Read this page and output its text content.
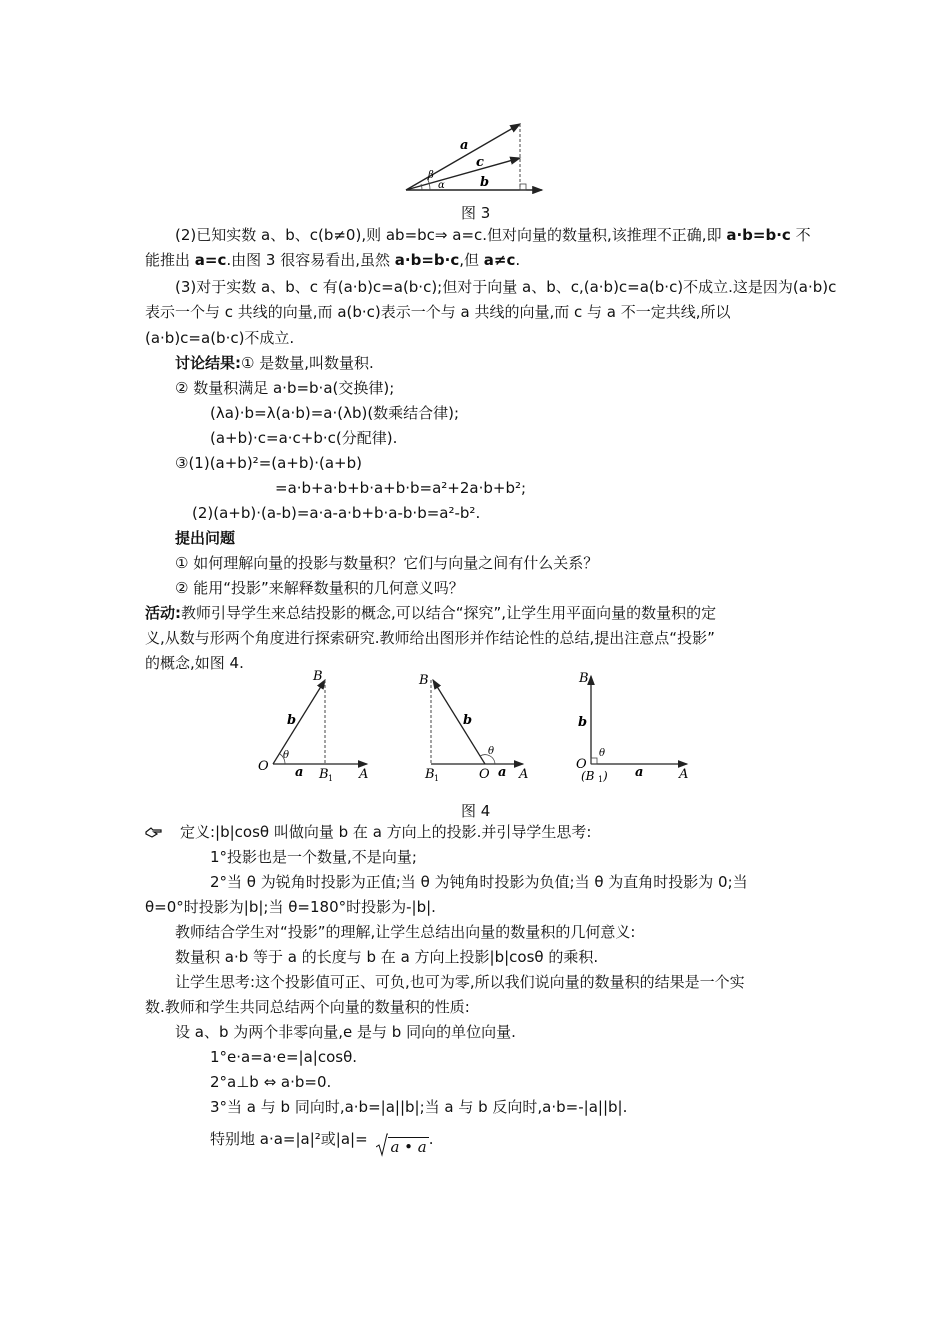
a
c
b
β
α
图 3
(2)已知实数 a、b、c(b≠0),则 ab=bc⇒ a=c.但对向量的数量积,该推理不正确,即 a·b=b·c 不
能推出 a=c.由图 3 很容易看出,虽然 a·b=b·c,但 a≠c.
(3)对于实数 a、b、c 有(a·b)c=a(b·c);但对于向量 a、b、c,(a·b)c=a(b·c)不成立.这是因为(a·b)c
表示一个与 c 共线的向量,而 a(b·c)表示一个与 a 共线的向量,而 c 与 a 不一定共线,所以
(a·b)c=a(b·c)不成立.
讨论结果:① 是数量,叫数量积.
② 数量积满足 a·b=b·a(交换律);
(λa)·b=λ(a·b)=a·(λb)(数乘结合律);
(a+b)·c=a·c+b·c(分配律).
③(1)(a+b)²=(a+b)·(a+b)
=a·b+a·b+b·a+b·b=a²+2a·b+b²;
(2)(a+b)·(a-b)=a·a-a·b+b·a-b·b=a²-b².
提出问题
① 如何理解向量的投影与数量积？它们与向量之间有什么关系？
② 能用“投影”来解释数量积的几何意义吗？
活动:教师引导学生来总结投影的概念,可以结合“探究”,让学生用平面向量的数量积的定
义,从数与形两个角度进行探索研究.教师给出图形并作结论性的总结,提出注意点“投影”
的概念,如图 4.
B
b
O
θ
a B 1 A
B
b
θ
B 1	O a A
B
b
θ
O
(B 1 ) a	A
图 4
定义:|b|cosθ 叫做向量 b 在 a 方向上的投影.并引导学生思考:
1°投影也是一个数量,不是向量;
2°当 θ 为锐角时投影为正值;当 θ 为钝角时投影为负值;当 θ 为直角时投影为 0;当
θ=0°时投影为|b|;当 θ=180°时投影为-|b|.
教师结合学生对“投影”的理解,让学生总结出向量的数量积的几何意义:
数量积 a·b 等于 a 的长度与 b 在 a 方向上投影|b|cosθ 的乘积.
让学生思考:这个投影值可正、可负,也可为零,所以我们说向量的数量积的结果是一个实
数.教师和学生共同总结两个向量的数量积的性质:
设 a、b 为两个非零向量,e 是与 b 同向的单位向量.
1°e·a=a·e=|a|cosθ.
2°a⊥b ⇔ a·b=0.
3°当 a 与 b 同向时,a·b=|a||b|;当 a 与 b 反向时,a·b=-|a||b|.
特别地 a·a=|a|²或|a|= a • a .
